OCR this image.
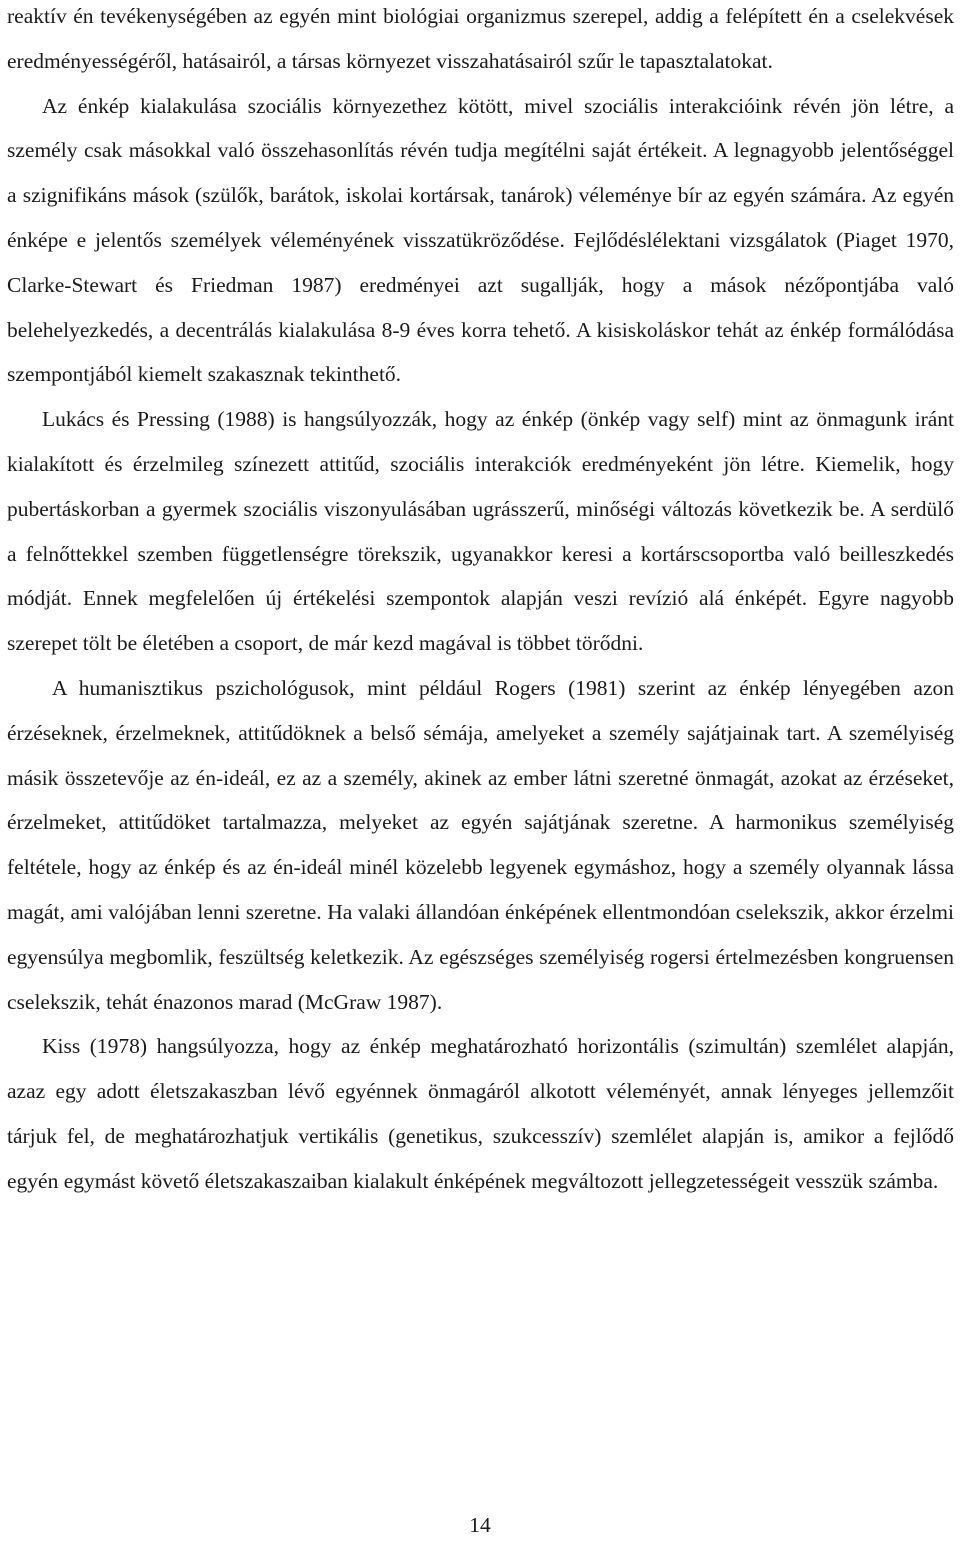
reaktív én tevékenységében az egyén mint biológiai organizmus szerepel, addig a felépített én a cselekvések eredményességéről, hatásairól, a társas környezet visszahatásairól szűr le tapasztalatokat.

Az énkép kialakulása szociális környezethez kötött, mivel szociális interakcióink révén jön létre, a személy csak másokkal való összehasonlítás révén tudja megítélni saját értékeit. A legnagyobb jelentőséggel a szignifikáns mások (szülők, barátok, iskolai kortársak, tanárok) véleménye bír az egyén számára. Az egyén énképe e jelentős személyek véleményének visszatükröződése. Fejlődéslélektani vizsgálatok (Piaget 1970, Clarke-Stewart és Friedman 1987) eredményei azt sugallják, hogy a mások nézőpontjába való belehelyezkedés, a decentrálás kialakulása 8-9 éves korra tehető. A kisiskoláskor tehát az énkép formálódása szempontjából kiemelt szakasznak tekinthető.

Lukács és Pressing (1988) is hangsúlyozzák, hogy az énkép (önkép vagy self) mint az önmagunk iránt kialakított és érzelmileg színezett attitűd, szociális interakciók eredményeként jön létre. Kiemelik, hogy pubertáskorban a gyermek szociális viszonyulásában ugrásszerű, minőségi változás következik be. A serdülő a felnőttekkel szemben függetlenségre törekszik, ugyanakkor keresi a kortárscsoportba való beilleszkedés módját. Ennek megfelelően új értékelési szempontok alapján veszi revízió alá énképét. Egyre nagyobb szerepet tölt be életében a csoport, de már kezd magával is többet törődni.

A humanisztikus pszichológusok, mint például Rogers (1981) szerint az énkép lényegében azon érzéseknek, érzelmeknek, attitűdöknek a belső sémája, amelyeket a személy sajátjainak tart. A személyiség másik összetevője az én-ideál, ez az a személy, akinek az ember látni szeretné önmagát, azokat az érzéseket, érzelmeket, attitűdöket tartalmazza, melyeket az egyén sajátjának szeretne. A harmonikus személyiség feltétele, hogy az énkép és az én-ideál minél közelebb legyenek egymáshoz, hogy a személy olyannak lássa magát, ami valójában lenni szeretne. Ha valaki állandóan énképének ellentmondóan cselekszik, akkor érzelmi egyensúlya megbomlik, feszültség keletkezik. Az egészséges személyiség rogersi értelmezésben kongruensen cselekszik, tehát énazonos marad (McGraw 1987).

Kiss (1978) hangsúlyozza, hogy az énkép meghatározható horizontális (szimultán) szemlélet alapján, azaz egy adott életszakaszban lévő egyénnek önmagáról alkotott véleményét, annak lényeges jellemzőit tárjuk fel, de meghatározhatjuk vertikális (genetikus, szukcesszív) szemlélet alapján is, amikor a fejlődő egyén egymást követő életszakaszaiban kialakult énképének megváltozott jellegzetességeit vesszük számba.

14
